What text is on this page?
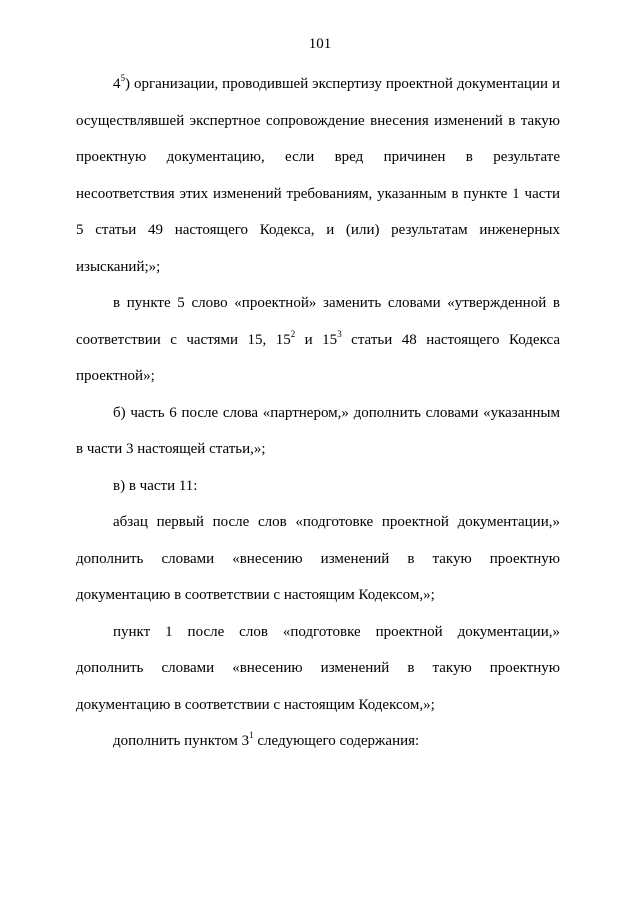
101
$4^5$) организации, проводившей экспертизу проектной документации и
осуществлявшей экспертное сопровождение внесения изменений в такую
проектную документацию, если вред причинен в результате
несоответствия этих изменений требованиям, указанным в пункте 1 части
5 статьи 49 настоящего Кодекса, и (или) результатам инженерных
изысканий;»;
в пункте 5 слово «проектной» заменить словами «утвержденной в
соответствии с частями 15, $15^2$ и $15^3$ статьи 48 настоящего Кодекса
проектной»;
б) часть 6 после слова «партнером,» дополнить словами «указанным
в части 3 настоящей статьи,»;
в) в части 11:
абзац первый после слов «подготовке проектной документации,»
дополнить словами «внесению изменений в такую проектную
документацию в соответствии с настоящим Кодексом,»;
пункт 1 после слов «подготовке проектной документации,»
дополнить словами «внесению изменений в такую проектную
документацию в соответствии с настоящим Кодексом,»;
дополнить пунктом $3^1$ следующего содержания:
